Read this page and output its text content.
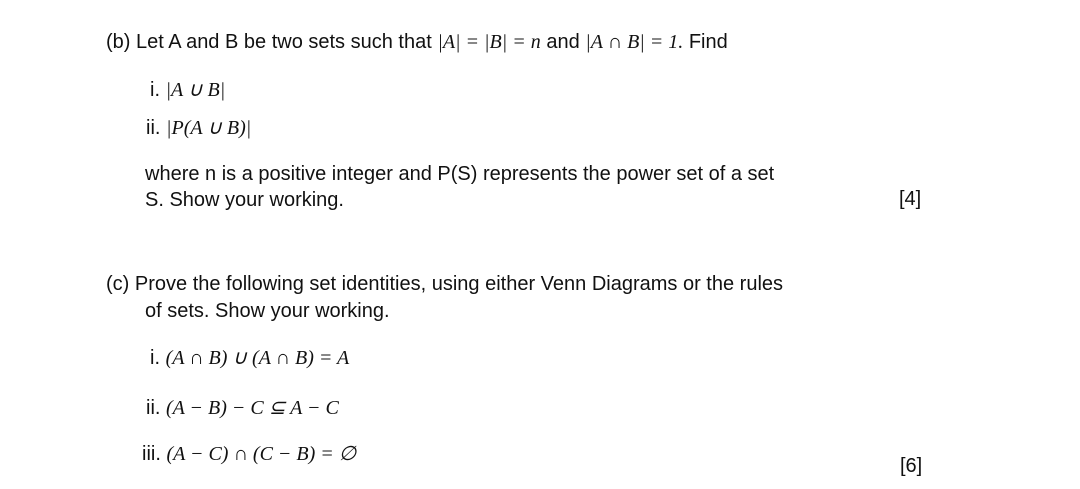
(b) Let A and B be two sets such that |A| = |B| = n and |A ∩ B| = 1. Find
i. |A ∪ B|
ii. |P(A ∪ B)|
where n is a positive integer and P(S) represents the power set of a set
S. Show your working.	[4]
(c) Prove the following set identities, using either Venn Diagrams or the rules
of sets. Show your working.
i. (A ∩ B) ∪ (A ∩ B) = A
ii. (A − B) − C ⊆ A − C
iii. (A − C) ∩ (C − B) = ∅
[6]
